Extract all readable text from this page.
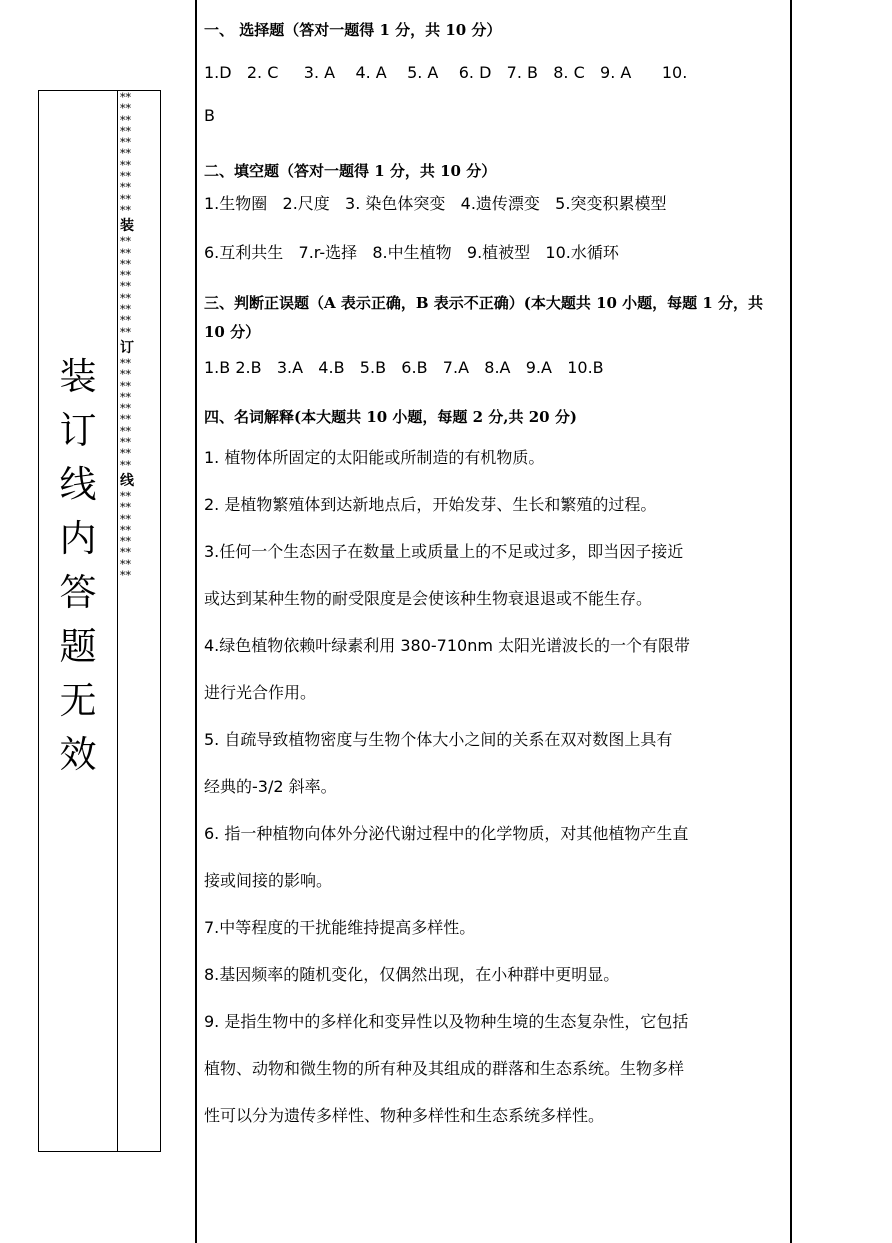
装
订
线
内
答
题
无
效
**
**
**
**
**
**
**
**
**
**
**
装
**
**
**
**
**
**
**
**
**
订
**
**
**
**
**
**
**
**
**
**
线
**
**
**
**
**
**
**
**

一、 选择题（答对一题得 1 分，共 10 分）

1.D   2. C     3. A    4. A    5. A    6. D   7. B   8. C   9. A      10.

B

二、填空题（答对一题得 1 分，共 10 分）

1.生物圈   2.尺度   3. 染色体突变   4.遗传漂变   5.突变积累模型

6.互利共生   7.r-选择   8.中生植物   9.植被型   10.水循环

三、判断正误题（A 表示正确，B 表示不正确）(本大题共 10 小题，每题 1 分，共 10 分）

1.B 2.B   3.A   4.B   5.B   6.B   7.A   8.A   9.A   10.B

四、名词解释(本大题共 10 小题，每题 2 分,共 20 分)

1. 植物体所固定的太阳能或所制造的有机物质。

2. 是植物繁殖体到达新地点后，开始发芽、生长和繁殖的过程。

3.任何一个生态因子在数量上或质量上的不足或过多，即当因子接近

或达到某种生物的耐受限度是会使该种生物衰退退或不能生存。

4.绿色植物依赖叶绿素利用 380-710nm 太阳光谱波长的一个有限带

进行光合作用。

5. 自疏导致植物密度与生物个体大小之间的关系在双对数图上具有

经典的-3/2 斜率。

6. 指一种植物向体外分泌代谢过程中的化学物质，对其他植物产生直

接或间接的影响。

7.中等程度的干扰能维持提高多样性。

8.基因频率的随机变化，仅偶然出现，在小种群中更明显。

9. 是指生物中的多样化和变异性以及物种生境的生态复杂性，它包括

植物、动物和微生物的所有种及其组成的群落和生态系统。生物多样

性可以分为遗传多样性、物种多样性和生态系统多样性。
